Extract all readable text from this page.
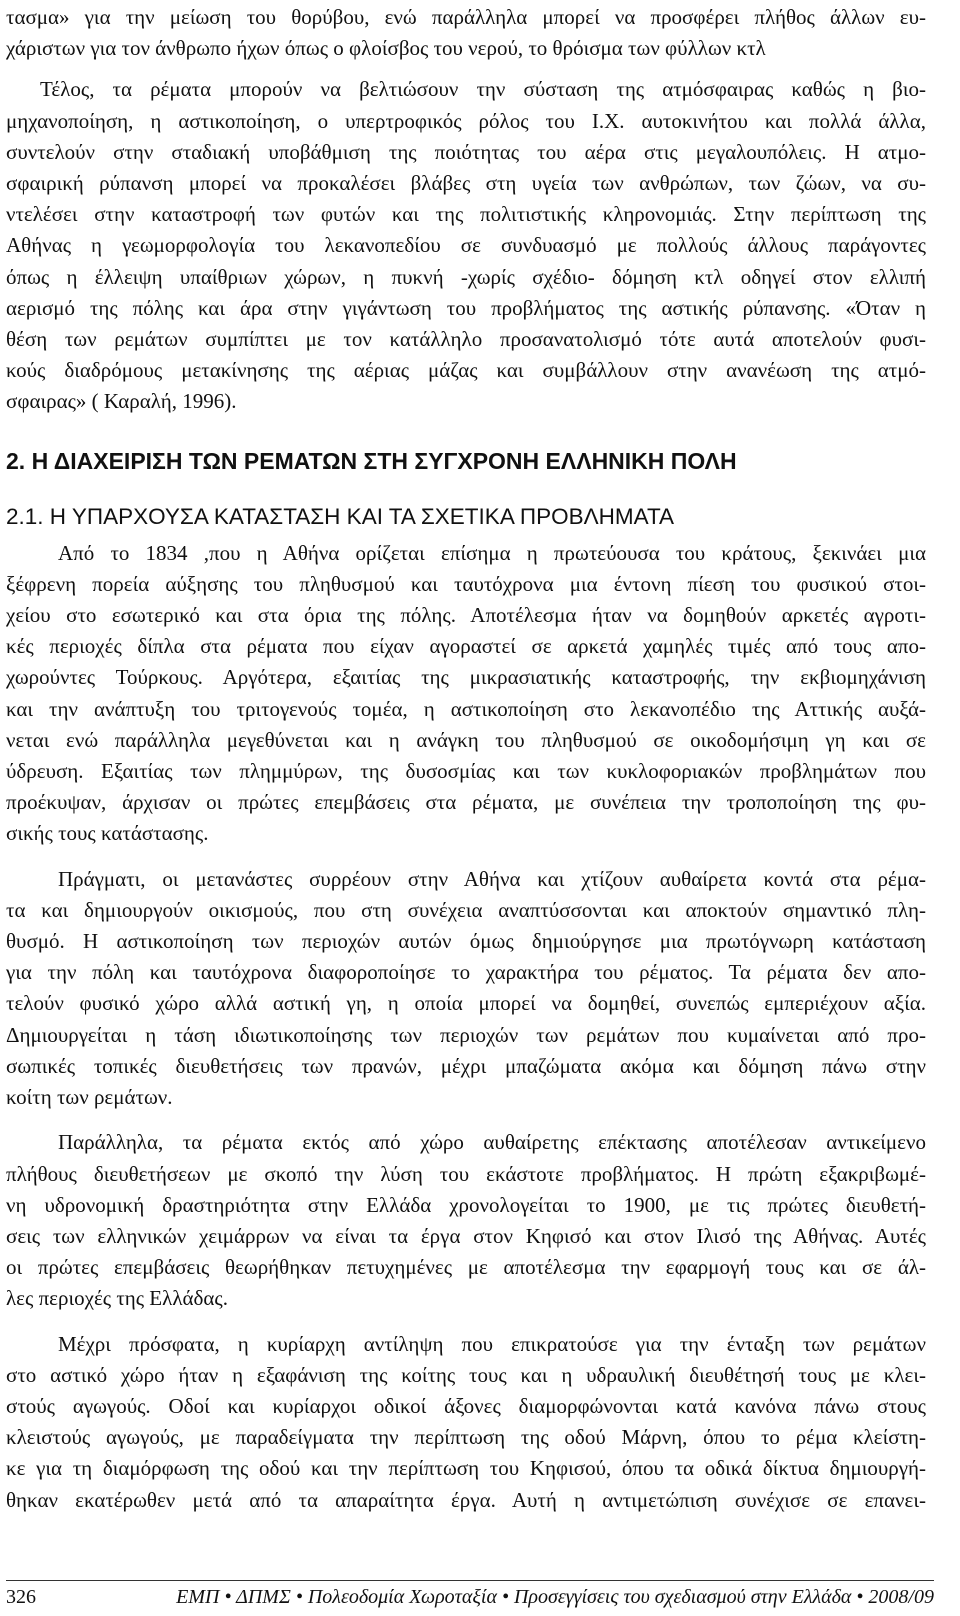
τασμα» για την μείωση του θορύβου, ενώ παράλληλα μπορεί να προσφέρει πλήθος άλλων ευ-
χάριστων για τον άνθρωπο ήχων όπως ο φλοίσβος του νερού, το θρόισμα των φύλλων κτλ
Τέλος, τα ρέματα μπορούν να βελτιώσουν την σύσταση της ατμόσφαιρας καθώς η βιο-
μηχανοποίηση, η αστικοποίηση, ο υπερτροφικός ρόλος του Ι.Χ. αυτοκινήτου και πολλά άλλα,
συντελούν στην σταδιακή υποβάθμιση της ποιότητας του αέρα στις μεγαλουπόλεις. Η ατμο-
σφαιρική ρύπανση μπορεί να προκαλέσει βλάβες στη υγεία των ανθρώπων, των ζώων, να συ-
ντελέσει στην καταστροφή των φυτών και της πολιτιστικής κληρονομιάς. Στην περίπτωση της
Αθήνας η γεωμορφολογία του λεκανοπεδίου σε συνδυασμό με πολλούς άλλους παράγοντες
όπως η έλλειψη υπαίθριων χώρων, η πυκνή -χωρίς σχέδιο- δόμηση κτλ οδηγεί στον ελλιπή
αερισμό της πόλης και άρα στην γιγάντωση του προβλήματος της αστικής ρύπανσης. «Όταν η
θέση των ρεμάτων συμπίπτει με τον κατάλληλο προσανατολισμό τότε αυτά αποτελούν φυσι-
κούς διαδρόμους μετακίνησης της αέριας μάζας και συμβάλλουν στην ανανέωση της ατμό-
σφαιρας» ( Καραλή, 1996).
2. Η ΔΙΑΧΕΙΡΙΣΗ ΤΩΝ ΡΕΜΑΤΩΝ ΣΤΗ ΣΥΓΧΡΟΝΗ ΕΛΛΗΝΙΚΗ ΠΟΛΗ
2.1. Η ΥΠΑΡΧΟΥΣΑ ΚΑΤΑΣΤΑΣΗ ΚΑΙ ΤΑ ΣΧΕΤΙΚΑ ΠΡΟΒΛΗΜΑΤΑ
Από το 1834 ,που η Αθήνα ορίζεται επίσημα η πρωτεύουσα του κράτους, ξεκινάει μια
ξέφρενη πορεία αύξησης του πληθυσμού και ταυτόχρονα μια έντονη πίεση του φυσικού στοι-
χείου στο εσωτερικό και στα όρια της πόλης. Αποτέλεσμα ήταν να δομηθούν αρκετές αγροτι-
κές περιοχές δίπλα στα ρέματα που είχαν αγοραστεί σε αρκετά χαμηλές τιμές από τους απο-
χωρούντες Τούρκους. Αργότερα, εξαιτίας της μικρασιατικής καταστροφής, την εκβιομηχάνιση
και την ανάπτυξη του τριτογενούς τομέα, η αστικοποίηση στο λεκανοπέδιο της Αττικής αυξά-
νεται ενώ παράλληλα μεγεθύνεται και η ανάγκη του πληθυσμού σε οικοδομήσιμη γη και σε
ύδρευση. Εξαιτίας των πλημμύρων, της δυσοσμίας και των κυκλοφοριακών προβλημάτων που
προέκυψαν, άρχισαν οι πρώτες επεμβάσεις στα ρέματα, με συνέπεια την τροποποίηση της φυ-
σικής τους κατάστασης.
Πράγματι, οι μετανάστες συρρέουν στην Αθήνα και χτίζουν αυθαίρετα κοντά στα ρέμα-
τα και δημιουργούν οικισμούς, που στη συνέχεια αναπτύσσονται και αποκτούν σημαντικό πλη-
θυσμό. Η αστικοποίηση των περιοχών αυτών όμως δημιούργησε μια πρωτόγνωρη κατάσταση
για την πόλη και ταυτόχρονα διαφοροποίησε το χαρακτήρα του ρέματος. Τα ρέματα δεν απο-
τελούν φυσικό χώρο αλλά αστική γη, η οποία μπορεί να δομηθεί, συνεπώς εμπεριέχουν αξία.
Δημιουργείται η τάση ιδιωτικοποίησης των περιοχών των ρεμάτων που κυμαίνεται από προ-
σωπικές τοπικές διευθετήσεις των πρανών, μέχρι μπαζώματα ακόμα και δόμηση πάνω στην
κοίτη των ρεμάτων.
Παράλληλα, τα ρέματα εκτός από χώρο αυθαίρετης επέκτασης αποτέλεσαν αντικείμενο
πλήθους διευθετήσεων με σκοπό την λύση του εκάστοτε προβλήματος. Η πρώτη εξακριβωμέ-
νη υδρονομική δραστηριότητα στην Ελλάδα χρονολογείται το 1900, με τις πρώτες διευθετή-
σεις των ελληνικών χειμάρρων να είναι τα έργα στον Κηφισό και στον Ιλισό της Αθήνας. Αυτές
οι πρώτες επεμβάσεις θεωρήθηκαν πετυχημένες με αποτέλεσμα την εφαρμογή τους και σε άλ-
λες περιοχές της Ελλάδας.
Μέχρι πρόσφατα, η κυρίαρχη αντίληψη που επικρατούσε για την ένταξη των ρεμάτων
στο αστικό χώρο ήταν η εξαφάνιση της κοίτης τους και η υδραυλική διευθέτησή τους με κλει-
στούς αγωγούς. Οδοί και κυρίαρχοι οδικοί άξονες διαμορφώνονται κατά κανόνα πάνω στους
κλειστούς αγωγούς, με παραδείγματα την περίπτωση της οδού Μάρνη, όπου το ρέμα κλείστη-
κε για τη διαμόρφωση της οδού και την περίπτωση του Κηφισού, όπου τα οδικά δίκτυα δημιουργή-
θηκαν εκατέρωθεν μετά από τα απαραίτητα έργα. Αυτή η αντιμετώπιση συνέχισε σε επανει-
326	ΕΜΠ • ΔΠΜΣ • Πολεοδομία Χωροταξία • Προσεγγίσεις του σχεδιασμού στην Ελλάδα • 2008/09
